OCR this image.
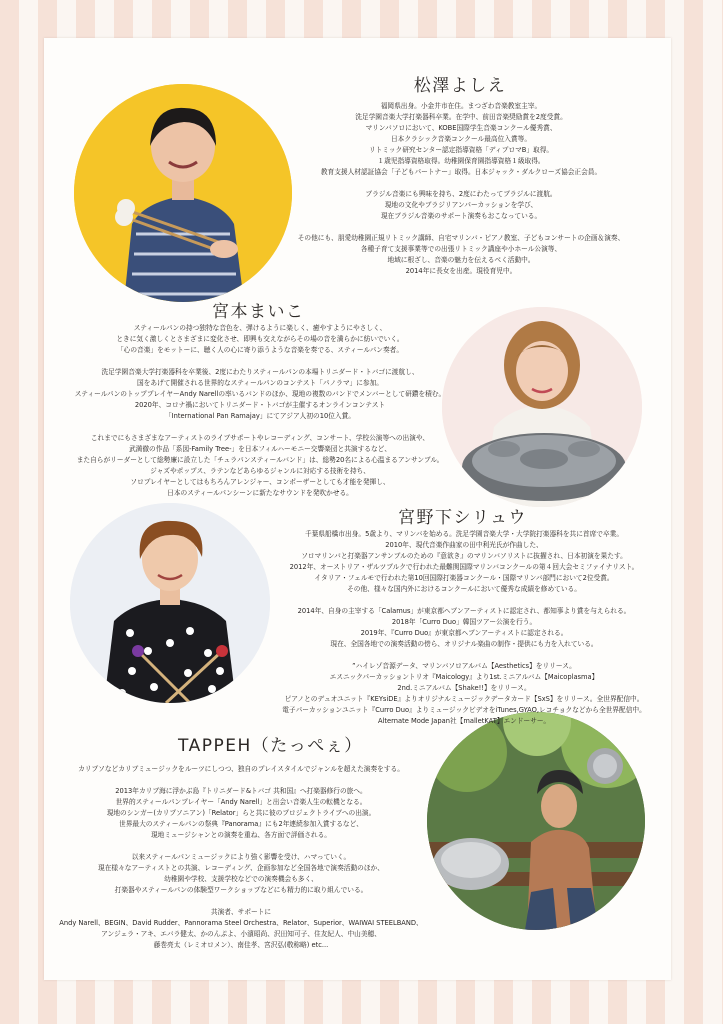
松澤よしえ
福岡県出身。小金井市在住。まつざわ音楽教室主宰。
洗足学園音楽大学打楽器科卒業。在学中、前田音楽奨励賞を2度受賞。
マリンバソロにおいて、KOBE国際学生音楽コンクール優秀賞、
日本クラシック音楽コンクール最高位入賞等。
リトミック研究センター認定指導資格「ディプロマB」取得。
１歳児指導資格取得。幼稚園保育園指導資格１級取得。
教育支援人材認証協会「子どもパートナー」取得。日本ジャック・ダルクローズ協会正会員。
ブラジル音楽にも興味を持ち、2度にわたってブラジルに渡航。
現地の文化やブラジリアンパーカッションを学び、
現在ブラジル音楽のサポート演奏もおこなっている。
その他にも、朋愛幼稚園正規リトミック講師、自宅マリンバ・ピアノ教室、子どもコンサートの企画＆演奏、
各種子育て支援事業等での出張リトミック講座や小ホール公演等、
地域に根ざし、音楽の魅力を伝えるべく活動中。
2014年に長女を出産。現役育児中。
宮本まいこ
スティールパンの持つ独特な音色を、弾けるように楽しく、癒やすようにやさしく、
ときに気く激しくとさまざまに変化させ、即興も交えながらその場の音を満らかに紡いでいく。
「心の音楽」をモットーに、聴く人の心に寄り添うような音楽を奏でる、スティールパン奏者。
洗足学園音楽大学打楽器科を卒業後、2度にわたりスティールパンの本場トリニダード・トバゴに渡航し、
国をあげて開催される世界的なスティールパンのコンテスト「パノラマ」に参加。
スティールパンのトッププレイヤーAndy Narellの率いるバンドのほか、現地の複数のバンドでメンバーとして研鑽を積む。
2020年、コロナ禍においてトリニダード・トバゴが主催するオンラインコンテスト
「International Pan Ramajay」にてアジア人初の10位入賞。
これまでにもさまざまなアーティストのライブサポートやレコーディング、コンサート、学校公演等への出演や、
武満徹の作品「系図-Family Tree-」を日本フィルハーモニー交響楽団と共演するなど、
また自らがリーダーとして総勢廉に設立した「チュラパンスティールバンド」は、総勢20名による心温まるアンサンブル。
ジャズやポップス、ラテンなどあらゆるジャンルに対応する技術を持ち、
ソロプレイヤーとしてはもちろんアレンジャー、コンポーザーとしても才能を発揮し、
日本のスティールパンシーンに新たなサウンドを発吹かせる。
宮野下シリュウ
千葉県船橋市出身。5歳より、マリンバを始める。洗足学園音楽大学・大学院打楽器科を共に首席で卒業。
2010年、現代音楽作曲家の田中利光氏が作曲した、
ソロマリンバと打楽器アンサンブルのための『意欲き』のマリンバソリストに抜擢され、日本初演を果たす。
2012年、オーストリア・ザルツブルクで行われた最難関国際マリンバコンクールの第４回大会セミファイナリスト。
イタリア・フェルモで行われた第10回国際打楽器コンクール・国際マリンバ部門において2位受賞。
その他、様々な国内外におけるコンクールにおいて優秀な成績を修めている。
2014年、自身の主宰する「Calamus」が東京都ヘブンアーティストに認定され、都知事より賞を与えられる。
2018年「Curro Duo」韓国ツアー公演を行う。
2019年、『Curro Duo』が東京都ヘブンアーティストに認定される。
現在、全国各地での演奏活動の傍ら、オリジナル楽曲の制作・提供にも力を入れている。
”ハイレゾ音源データ、マリンバソロアルバム【Aesthetics】をリリース。
エスニックパーカッショントリオ『Maicology』より1st.ミニアルバム【Maicoplasma】
2nd.ミニアルバム【Shake!!】をリリース。
ピアノとのデュオユニット『KEYsiDE』よりオリジナルミュージックデータカード【SxS】をリリース。全世界配信中。
電子パーカッションユニット『Curro Duo』よりミュージックビデオをiTunes,GYAO,レコチョクなどから全世界配信中。
Alternate Mode Japan社【malletKAT】エンドーサー。
TAPPEH（たっぺぇ）
カリプソなどカリブミュージックをルーツにしつつ、独自のプレイスタイルでジャンルを超えた演奏をする。
2013年カリブ海に浮かぶ島『トリニダード&トバゴ 共和国』へ打楽器修行の旅へ。
世界的スティールパンプレイヤー「Andy Narell」と出会い音楽人生の転機となる。
現地のシンガー(カリプソニアン)「Relator」らと共に彼のプロジェクトライブへの出演。
世界最大のスティールパンの祭典『Panorama』にも2年連続参加入賞するなど、
現地ミュージシャンとの演奏を重ね、各方面で評価される。
以来スティールパンミュージックにより強く影響を受け、ハマっていく。
現在様々なアーティストとの共演、レコーディング、企画参加など全国各地で演奏活動のほか、
幼稚園や学校、支援学校などでの演奏機会も多く、
打楽器やスティールパンの体験型ワークショップなどにも精力的に取り組んでいる。
共演者、サポートに
Andy Narell、BEGIN、David Rudder、Pannorama Steel Orchestra、Relator、Superior、WAIWAI STEELBAND、
アンジェラ・アキ、エバラ健太、かのんぷよ、小濱昭尚、沢田知可子、住友紀人、中山美穂、
藤巻亮太（レミオロメン）、南佳孝、宮沢弘(敬称略) etc...
